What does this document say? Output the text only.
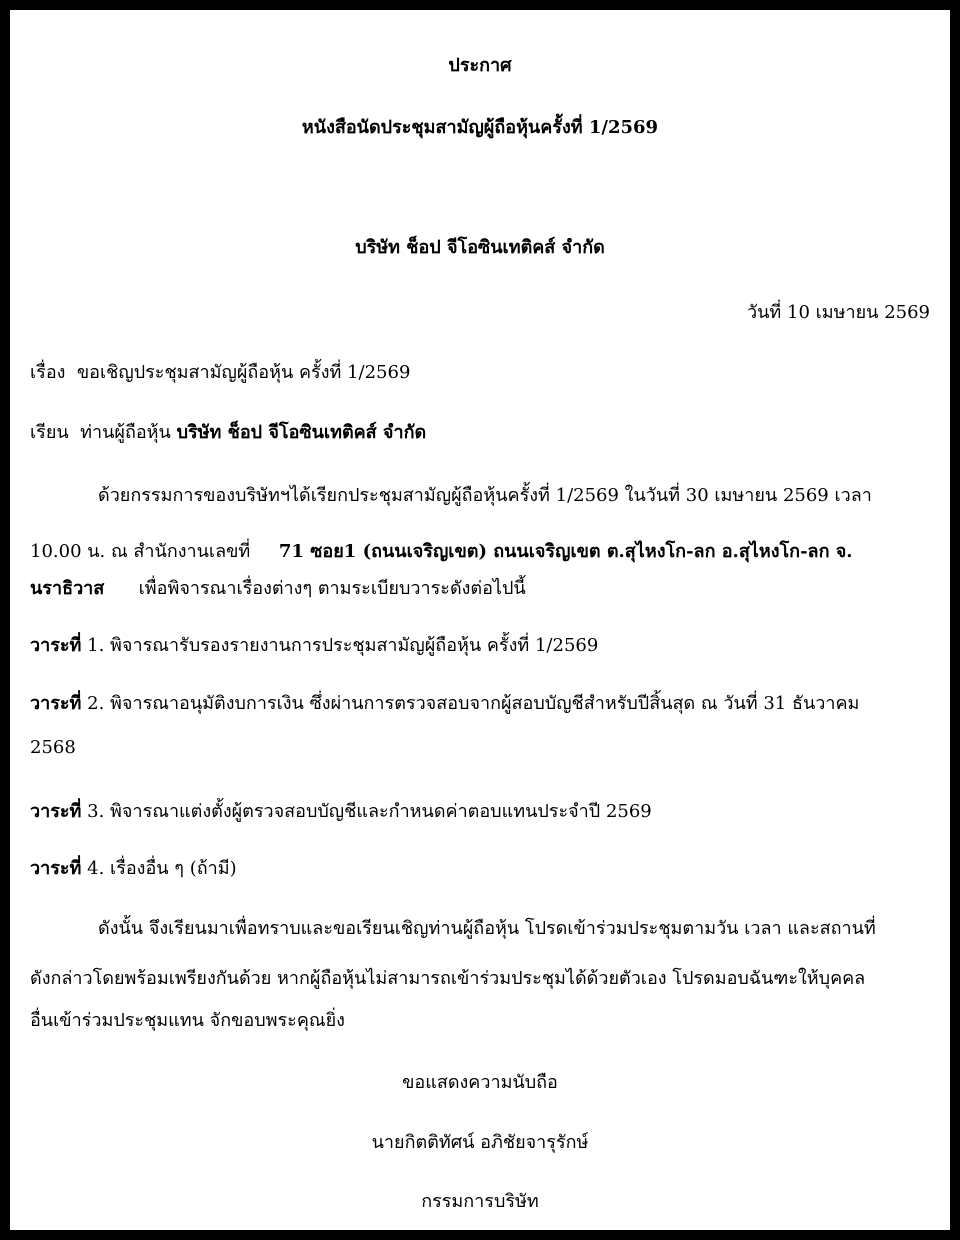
ประกาศ
หนังสือนัดประชุมสามัญผู้ถือหุ้นครั้งที่ 1/2569
บริษัท ช็อป จีโอซินเทติคส์ จำกัด
วันที่ 10 เมษายน 2569
เรื่อง ขอเชิญประชุมสามัญผู้ถือหุ้น ครั้งที่ 1/2569
เรียน ท่านผู้ถือหุ้น บริษัท ช็อป จีโอซินเทติคส์ จำกัด
ด้วยกรรมการของบริษัทฯได้เรียกประชุมสามัญผู้ถือหุ้นครั้งที่ 1/2569 ในวันที่ 30 เมษายน 2569 เวลา
10.00 น. ณ สำนักงานเลขที่ 71 ซอย1 (ถนนเจริญเขต) ถนนเจริญเขต ต.สุไหงโก-ลก อ.สุไหงโก-ลก จ.
นราธิวาส เพื่อพิจารณาเรื่องต่างๆ ตามระเบียบวาระดังต่อไปนี้
วาระที่ 1. พิจารณารับรองรายงานการประชุมสามัญผู้ถือหุ้น ครั้งที่ 1/2569
วาระที่ 2. พิจารณาอนุมัติงบการเงิน ซึ่งผ่านการตรวจสอบจากผู้สอบบัญชีสำหรับปีสิ้นสุด ณ วันที่ 31 ธันวาคม
2568
วาระที่ 3. พิจารณาแต่งตั้งผู้ตรวจสอบบัญชีและกำหนดค่าตอบแทนประจำปี 2569
วาระที่ 4. เรื่องอื่น ๆ (ถ้ามี)
ดังนั้น จึงเรียนมาเพื่อทราบและขอเรียนเชิญท่านผู้ถือหุ้น โปรดเข้าร่วมประชุมตามวัน เวลา และสถานที่
ดังกล่าวโดยพร้อมเพรียงกันด้วย หากผู้ถือหุ้นไม่สามารถเข้าร่วมประชุมได้ด้วยตัวเอง โปรดมอบฉันฑะให้บุคคล
อื่นเข้าร่วมประชุมแทน จักขอบพระคุณยิ่ง
ขอแสดงความนับถือ
นายกิตติทัศน์ อภิชัยจารุรักษ์
กรรมการบริษัท
